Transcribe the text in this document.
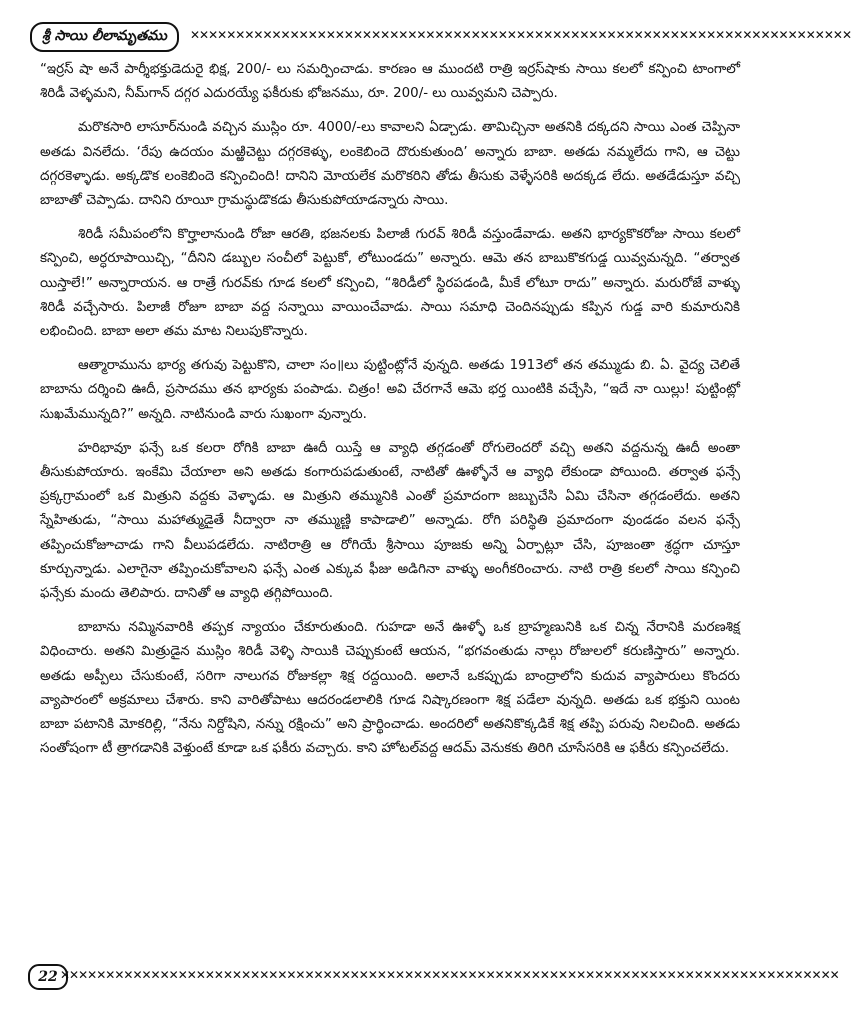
శ్రీ సాయి లీలామృతము	✕✕✕✕✕✕✕✕✕✕✕✕✕✕✕✕✕✕✕✕✕✕✕✕✕✕✕✕✕✕✕✕✕✕✕✕✕✕✕✕✕✕✕✕✕✕✕✕✕✕✕✕✕✕✕✕✕✕✕✕✕✕✕✕✕✕✕✕✕✕✕✕✕

“ఇర్రస్ షా అనే పార్శీభక్తుడెదురై భిక్ష, 200/- లు సమర్పించాడు. కారణం ఆ ముందటి రాత్రి ఇర్రస్‌షాకు సాయి కలలో కన్పించి టాంగాలో శిరిడీ వెళ్ళమని, నీమ్‌గాన్ దగ్గర ఎదురయ్యే ఫకీరుకు భోజనము, రూ. 200/- లు యివ్వమని చెప్పారు.

మరొకసారి లాసూర్‌నుండి వచ్చిన ముస్లిం రూ. 4000/-లు కావాలని ఏడ్చాడు. తామిచ్చినా అతనికి దక్కదని సాయి ఎంత చెప్పినా అతడు వినలేదు. ‘రేపు ఉదయం మఱ్ఱిచెట్టు దగ్గరకెళ్ళు, లంకెబిందె దొరుకుతుంది’ అన్నారు బాబా. అతడు నమ్మలేదు గాని, ఆ చెట్టు దగ్గరకెళ్ళాడు. అక్కడొక లంకెబిందె కన్పించింది! దానిని మోయలేక మరొకరిని తోడు తీసుకు వెళ్ళేసరికి అదక్కడ లేదు. అతడేడుస్తూ వచ్చి బాబాతో చెప్పాడు. దానిని రూయీ గ్రామస్థుడొకడు తీసుకుపోయాడన్నారు సాయి.

శిరిడీ సమీపంలోని కొర్హాలానుండి రోజా ఆరతి, భజనలకు పిలాజీ గురవ్ శిరిడీ వస్తుండేవాడు. అతని భార్యకొకరోజు సాయి కలలో కన్పించి, అర్ధరూపాయిచ్చి, “దీనిని డబ్బుల సంచీలో పెట్టుకో, లోటుండదు” అన్నారు. ఆమె తన బాబుకొకగుడ్డ యివ్వమన్నది. “తర్వాత యిస్తాలే!” అన్నారాయన. ఆ రాత్రే గురవ్‌కు గూడ కలలో కన్పించి, “శిరిడీలో స్థిరపడండి, మీకే లోటూ రాదు” అన్నారు. మరురోజే వాళ్ళు శిరిడీ వచ్చేసారు. పిలాజీ రోజూ బాబా వద్ద సన్నాయి వాయించేవాడు. సాయి సమాధి చెందినప్పుడు కప్పిన గుడ్డ వారి కుమారునికి లభించింది. బాబా అలా తమ మాట నిలుపుకొన్నారు.

ఆత్మారామును భార్య తగువు పెట్టుకొని, చాలా సం॥లు పుట్టింట్లోనే వున్నది. అతడు 1913లో తన తమ్ముడు బి. ఏ. వైద్య చెలితే బాబాను దర్శించి ఊదీ, ప్రసాదము తన భార్యకు పంపాడు. చిత్రం! అవి చేరగానే ఆమె భర్త యింటికి వచ్చేసి, “ఇదే నా యిల్లు! పుట్టింట్లో సుఖమేమున్నది?” అన్నది. నాటినుండి వారు సుఖంగా వున్నారు.

హరిభావూ ఫన్సే ఒక కలరా రోగికి బాబా ఊదీ యిస్తే ఆ వ్యాధి తగ్గడంతో రోగులెందరో వచ్చి అతని వద్దనున్న ఊదీ అంతా తీసుకుపోయారు. ఇంకేమి చేయాలా అని అతడు కంగారుపడుతుంటే, నాటితో ఊళ్ళోనే ఆ వ్యాధి లేకుండా పోయింది. తర్వాత ఫన్సే ప్రక్కగ్రామంలో ఒక మిత్రుని వద్దకు వెళ్ళాడు. ఆ మిత్రుని తమ్మునికి ఎంతో ప్రమాదంగా జబ్బుచేసి ఏమి చేసినా తగ్గడంలేదు. అతని స్నేహితుడు, “సాయి మహాత్ముడైతే నీద్వారా నా తమ్ముణ్ణి కాపాడాలి” అన్నాడు. రోగి పరిస్థితి ప్రమాదంగా వుండడం వలన ఫన్సే తప్పించుకోజూచాడు గాని వీలుపడలేదు. నాటిరాత్రి ఆ రోగియే శ్రీసాయి పూజకు అన్ని ఏర్పాట్లూ చేసి, పూజంతా శ్రద్ధగా చూస్తూ కూర్చున్నాడు. ఎలాగైనా తప్పించుకోవాలని ఫన్సే ఎంత ఎక్కువ ఫీజు అడిగినా వాళ్ళు అంగీకరించారు. నాటి రాత్రి కలలో సాయి కన్పించి ఫన్సేకు మందు తెలిపారు. దానితో ఆ వ్యాధి తగ్గిపోయింది.

బాబాను నమ్మినవారికి తప్పక న్యాయం చేకూరుతుంది. గుహడా అనే ఊళ్ళో ఒక బ్రాహ్మణునికి ఒక చిన్న నేరానికి మరణశిక్ష విధించారు. అతని మిత్రుడైన ముస్లిం శిరిడీ వెళ్ళి సాయికి చెప్పుకుంటే ఆయన, “భగవంతుడు నాల్గు రోజులలో కరుణిస్తారు” అన్నారు. అతడు అప్పీలు చేసుకుంటే, సరిగా నాలుగవ రోజుకల్లా శిక్ష రద్దయింది. అలానే ఒకప్పుడు బాంద్రాలోని కుదువ వ్యాపారులు కొందరు వ్యాపారంలో అక్రమాలు చేశారు. కాని వారితోపాటు ఆదరండలాలికి గూడ నిష్కారణంగా శిక్ష పడేలా వున్నది. అతడు ఒక భక్తుని యింట బాబా పటానికి మోకరిల్లి, “నేను నిర్దోషిని, నన్ను రక్షించు” అని ప్రార్థించాడు. అందరిలో అతనికొక్కడికే శిక్ష తప్పి పరువు నిలచింది. అతడు సంతోషంగా టీ త్రాగడానికి వెళ్తుంటే కూడా ఒక ఫకీరు వచ్చారు. కాని హోటల్‌వద్ద ఆదమ్ వెనుకకు తిరిగి చూసేసరికి ఆ ఫకీరు కన్పించలేదు.

22 ✕✕✕✕✕✕✕✕✕✕✕✕✕✕✕✕✕✕✕✕✕✕✕✕✕✕✕✕✕✕✕✕✕✕✕✕✕✕✕✕✕✕✕✕✕✕✕✕✕✕✕✕✕✕✕✕✕✕✕✕✕✕✕✕✕✕✕✕✕✕✕✕✕✕✕✕✕✕✕✕✕✕✕✕✕✕
